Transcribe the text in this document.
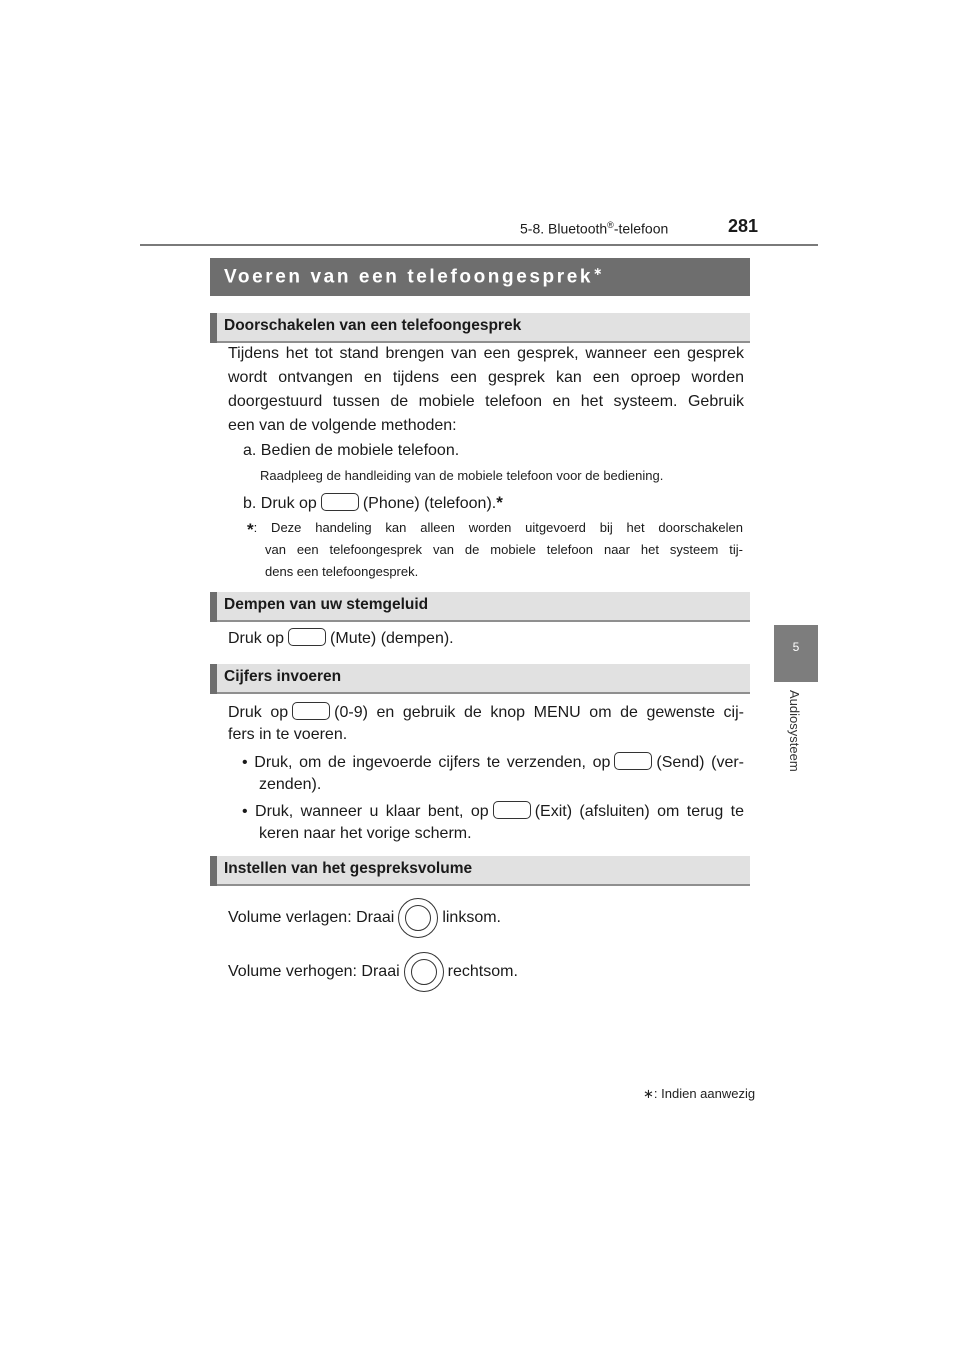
5-8. Bluetooth®-telefoon	281
5
Audiosysteem
Voeren van een telefoongesprek∗
Doorschakelen van een telefoongesprek
Tijdens het tot stand brengen van een gesprek, wanneer een gesprek
wordt ontvangen en tijdens een gesprek kan een oproep worden
doorgestuurd tussen de mobiele telefoon en het systeem. Gebruik
een van de volgende methoden:
a. Bedien de mobiele telefoon.
Raadpleeg de handleiding van de mobiele telefoon voor de bediening.
b. Druk op	(Phone) (telefoon).*
*: Deze handeling kan alleen worden uitgevoerd bij het doorschakelen
van een telefoongesprek van de mobiele telefoon naar het systeem tij-
dens een telefoongesprek.
Dempen van uw stemgeluid
Druk op	(Mute) (dempen).
Cijfers invoeren
Druk op	(0-9) en gebruik de knop MENU om de gewenste cij-
fers in te voeren.
• Druk, om de ingevoerde cijfers te verzenden, op	(Send) (ver-
zenden).
• Druk, wanneer u klaar bent, op	(Exit) (afsluiten) om terug te
keren naar het vorige scherm.
Instellen van het gespreksvolume
Volume verlagen: Draai	linksom.
Volume verhogen: Draai	rechtsom.
∗: Indien aanwezig
